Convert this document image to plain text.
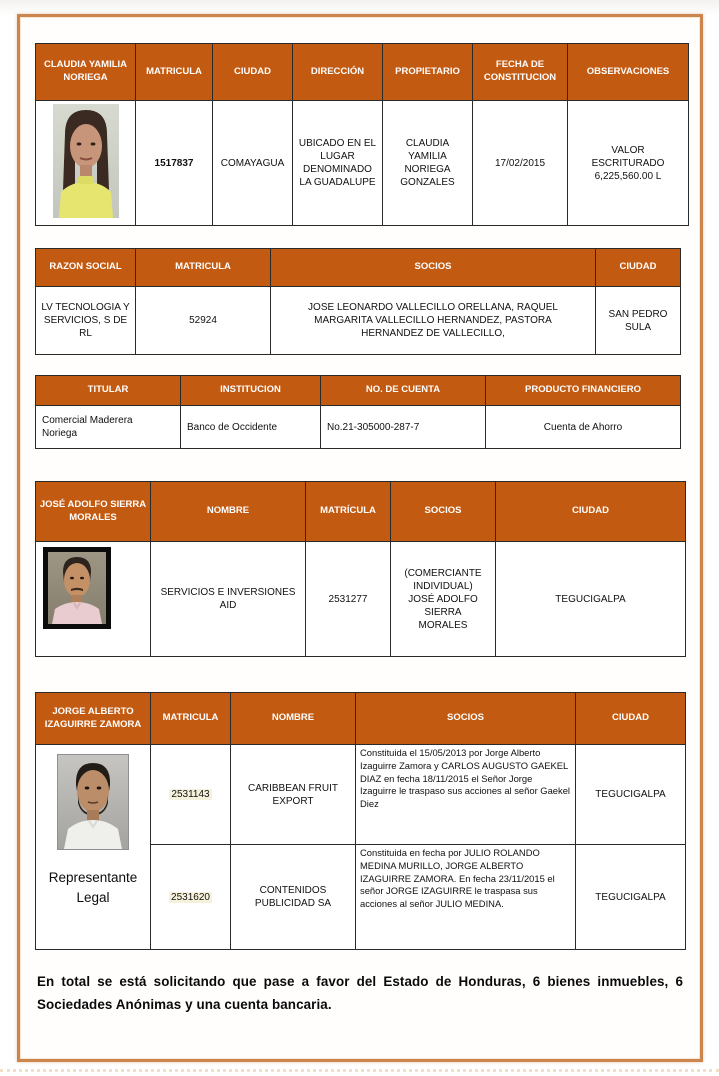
CLAUDIA YAMILIA NORIEGA	MATRICULA	CIUDAD	DIRECCIÓN	PROPIETARIO	FECHA DE CONSTITUCION	OBSERVACIONES

	1517837	COMAYAGUA	UBICADO EN EL LUGAR DENOMINADO LA GUADALUPE	CLAUDIA YAMILIA NORIEGA GONZALES	17/02/2015	VALOR ESCRITURADO 6,225,560.00 L
RAZON SOCIAL	MATRICULA	SOCIOS	CIUDAD
LV TECNOLOGIA Y SERVICIOS, S DE RL	52924	JOSE LEONARDO VALLECILLO ORELLANA, RAQUEL MARGARITA VALLECILLO HERNANDEZ, PASTORA HERNANDEZ DE VALLECILLO,	SAN PEDRO SULA
TITULAR	INSTITUCION	NO. DE CUENTA	PRODUCTO FINANCIERO
Comercial Maderera Noriega	Banco de Occidente	No.21-305000-287-7	Cuenta de Ahorro
JOSÉ ADOLFO SIERRA MORALES	NOMBRE	MATRÍCULA	SOCIOS	CIUDAD

	SERVICIOS E INVERSIONES AID	2531277	(COMERCIANTE INDIVIDUAL) JOSÉ ADOLFO SIERRA MORALES	TEGUCIGALPA
JORGE ALBERTO IZAGUIRRE ZAMORA	MATRICULA	NOMBRE	SOCIOS	CIUDAD

Representante Legal	2531143	CARIBBEAN FRUIT EXPORT	Constituida el 15/05/2013 por Jorge Alberto Izaguirre Zamora y CARLOS AUGUSTO GAEKEL DIAZ en fecha 18/11/2015 el Señor Jorge Izaguirre le traspaso sus acciones al señor Gaekel Diez	TEGUCIGALPA
	2531620	CONTENIDOS PUBLICIDAD SA	Constituida en fecha por JULIO ROLANDO MEDINA MURILLO, JORGE ALBERTO IZAGUIRRE ZAMORA. En fecha 23/11/2015 el señor JORGE IZAGUIRRE le traspasa sus acciones al señor JULIO MEDINA.	TEGUCIGALPA

En total se está solicitando que pase a favor del Estado de Honduras, 6 bienes inmuebles, 6 Sociedades Anónimas y una cuenta bancaria.
